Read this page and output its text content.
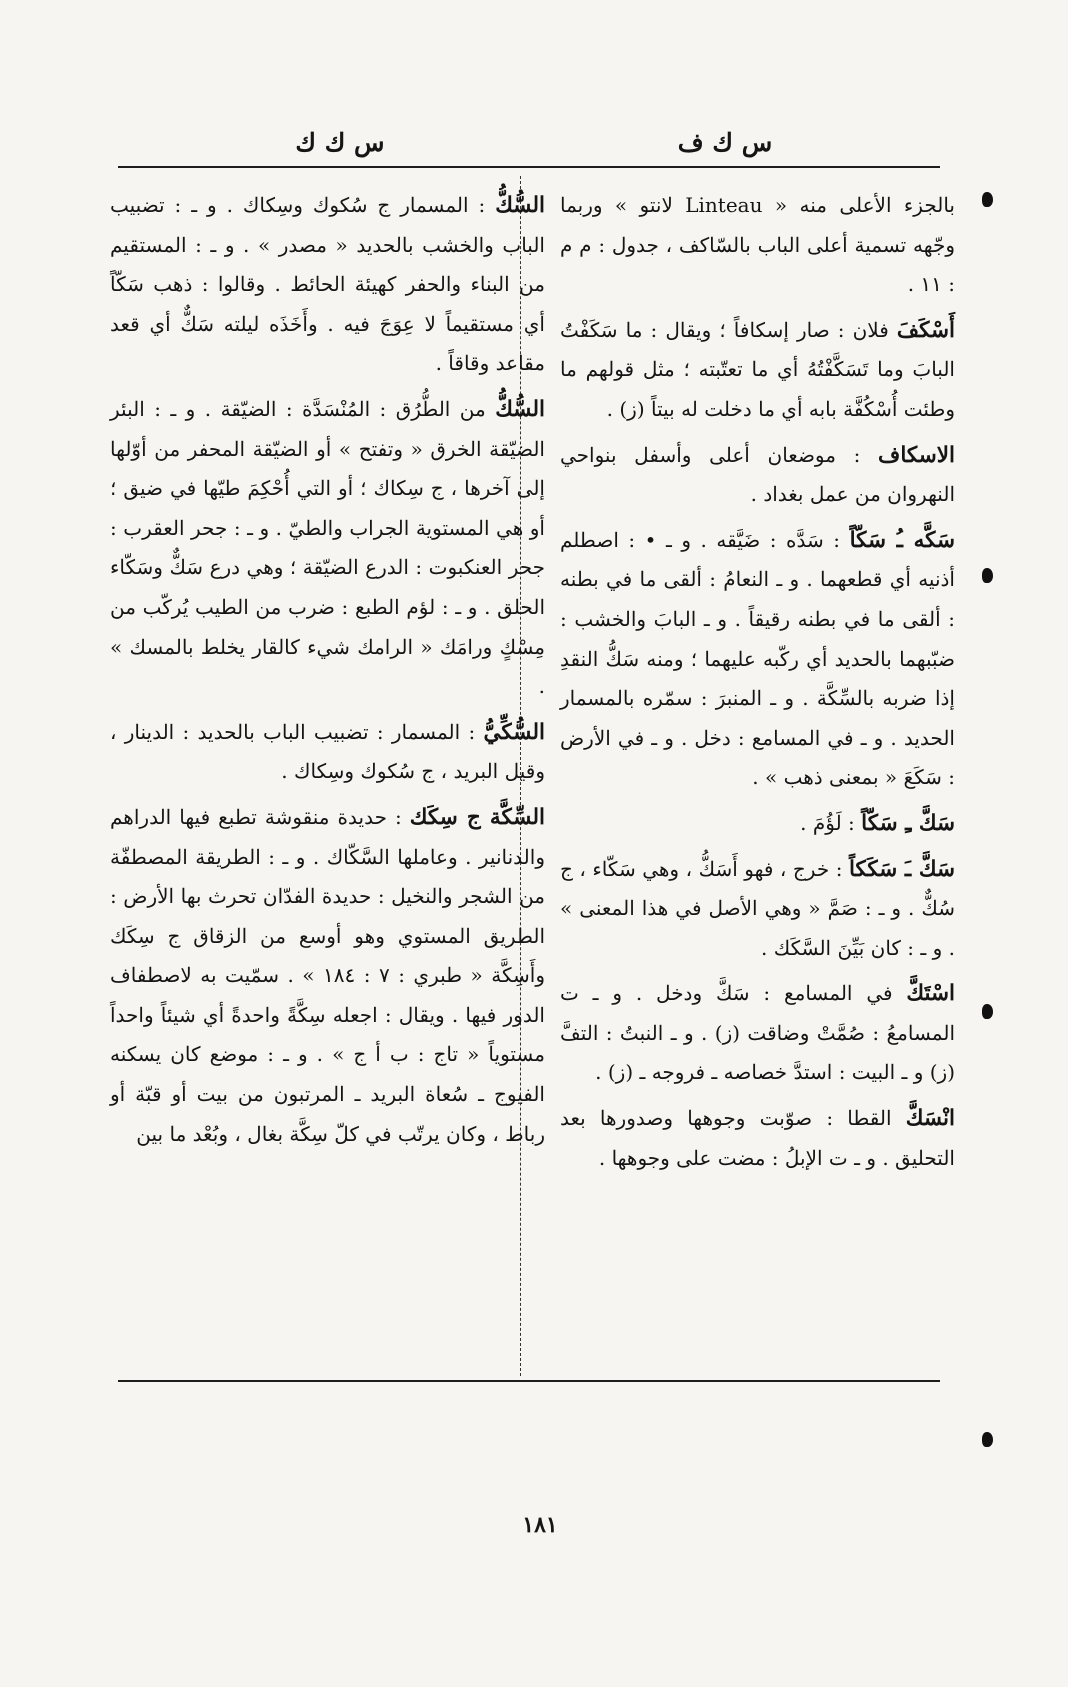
س ك ف
س ك ك

بالجزء الأعلى منه « Linteau لانتو » وربما وجّهه تسمية أعلى الباب بالسّاكف ، جدول : م م : ١١ .

أَسْكَفَ فلان : صار إسكافاً ؛ ويقال : ما سَكَفْتُ البابَ وما تَسَكَّفْتُهُ أي ما تعتّبته ؛ مثل قولهم ما وطئت أُسْكُفَّة بابه أي ما دخلت له بيتاً (ز) .

الاسكاف : موضعان أعلى وأسفل بنواحي النهروان من عمل بغداد .

سَكَّه ـُ سَكّاً : سَدَّه : ضَيَّقه . و ـ • : اصطلم أذنيه أي قطعهما . و ـ النعامُ : ألقى ما في بطنه : ألقى ما في بطنه رقيقاً . و ـ البابَ والخشب : ضبّبهما بالحديد أي ركّبه عليهما ؛ ومنه سَكُّ النقدِ إذا ضربه بالسِّكَّة . و ـ المنبرَ : سمّره بالمسمار الحديد . و ـ في المسامع : دخل . و ـ في الأرض : سَكَعَ « بمعنى ذهب » .

سَكَّ ـِ سَكّاً : لَؤُمَ .

سَكَّ ـَ سَكَكاً : خرج ، فهو أَسَكُّ ، وهي سَكّاء ، ج سُكٌّ . و ـ : صَمَّ « وهي الأصل في هذا المعنى » . و ـ : كان بَيِّنَ السَّكَك .

اسْتَكَّ في المسامع : سَكَّ ودخل . و ـ ت المسامعُ : صُمَّتْ وضاقت (ز) . و ـ النبتُ : التفَّ (ز) و ـ البيت : استدَّ خصاصه ـ فروجه ـ (ز) .

انْسَكَّ القطا : صوّبت وجوهها وصدورها بعد التحليق . و ـ ت الإبلُ : مضت على وجوهها .

السُّكُّ : المسمار ج سُكوك وسِكاك . و ـ : تضبيب الباب والخشب بالحديد « مصدر » . و ـ : المستقيم من البناء والحفر كهيئة الحائط . وقالوا : ذهب سَكّاً أي مستقيماً لا عِوَجَ فيه . وأَخَذَه ليلته سَكٌّ أي قعد مقاعد وقاقاً .

السُّكُّ من الطُّرُق : المُنْسَدَّة : الضيّقة . و ـ : البئر الضيّقة الخرق « وتفتح » أو الضيّقة المحفر من أوّلها إلى آخرها ، ج سِكاك ؛ أو التي أُحْكِمَ طيّها في ضيق ؛ أو هي المستوية الجراب والطيّ . و ـ : جحر العقرب : جحر العنكبوت : الدرع الضيّقة ؛ وهي درع سَكٌّ وسَكّاء الحلق . و ـ : لؤم الطبع : ضرب من الطيب يُركّب من مِسْكٍ ورامَك « الرامك شيء كالقار يخلط بالمسك » .

السُّكِّيُّ : المسمار : تضبيب الباب بالحديد : الدينار ، وقيل البريد ، ج سُكوك وسِكاك .

السِّكَّة ج سِكَك : حديدة منقوشة تطبع فيها الدراهم والدنانير . وعاملها السَّكّاك . و ـ : الطريقة المصطفّة من الشجر والنخيل : حديدة الفدّان تحرث بها الأرض : الطريق المستوي وهو أوسع من الزقاق ج سِكَك وأَسِكَّة « طبري : ٧ : ١٨٤ » . سمّيت به لاصطفاف الدور فيها . ويقال : اجعله سِكَّةً واحدةً أي شيئاً واحداً مستوياً « تاج : ب أ ج » . و ـ : موضع كان يسكنه الفيوج ـ سُعاة البريد ـ المرتبون من بيت أو قبّة أو رباط ، وكان يرتّب في كلّ سِكَّة بغال ، وبُعْد ما بين

١٨١
